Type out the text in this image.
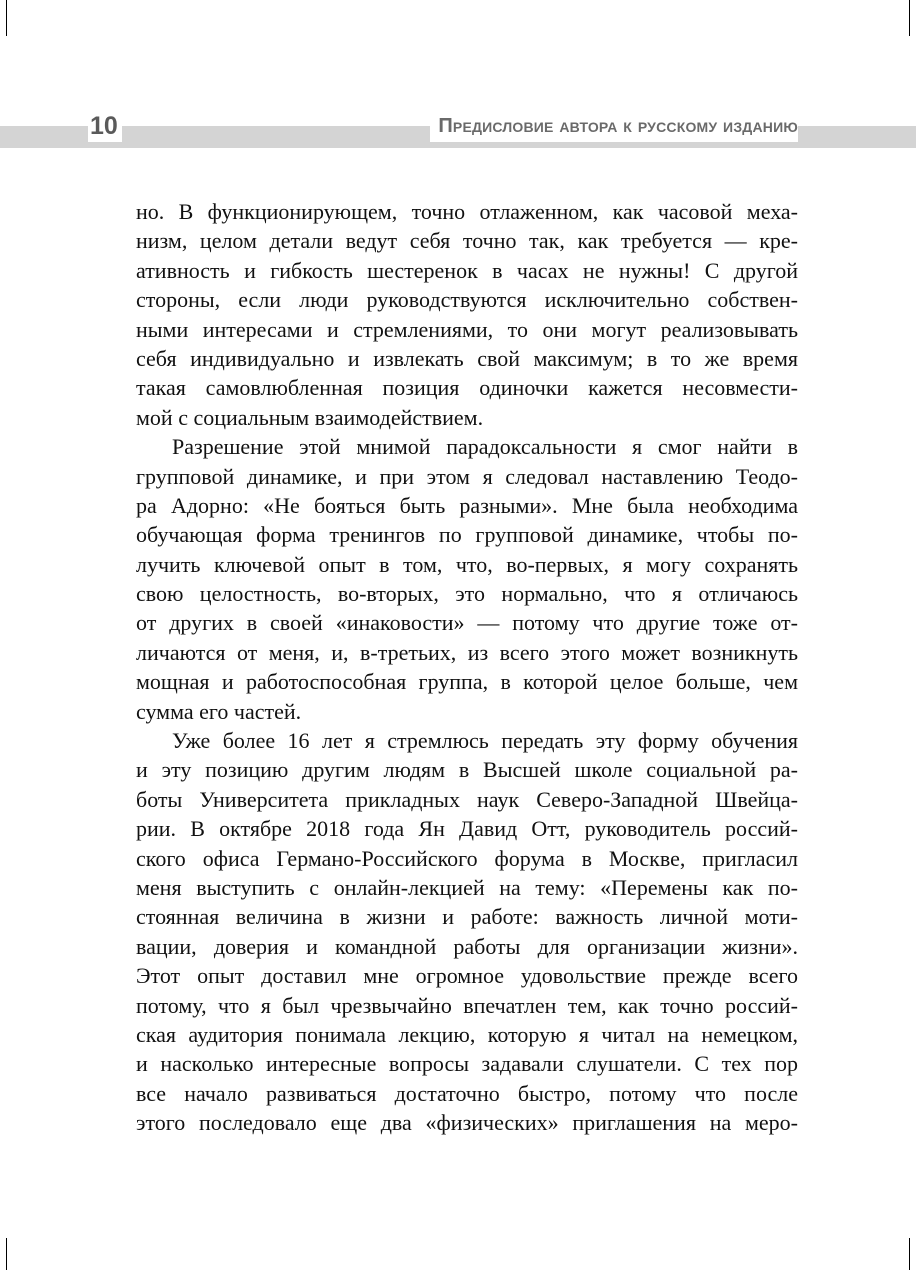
10	Предисловие автора к русскому изданию
но. В функционирующем, точно отлаженном, как часовой меха-
низм, целом детали ведут себя точно так, как требуется — кре-
ативность и гибкость шестеренок в часах не нужны! С другой
стороны, если люди руководствуются исключительно собствен-
ными интересами и стремлениями, то они могут реализовывать
себя индивидуально и извлекать свой максимум; в то же время
такая самовлюбленная позиция одиночки кажется несовмести-
мой с социальным взаимодействием.
Разрешение этой мнимой парадоксальности я смог найти в
групповой динамике, и при этом я следовал наставлению Теодо-
ра Адорно: «Не бояться быть разными». Мне была необходима
обучающая форма тренингов по групповой динамике, чтобы по-
лучить ключевой опыт в том, что, во-первых, я могу сохранять
свою целостность, во-вторых, это нормально, что я отличаюсь
от других в своей «инаковости» — потому что другие тоже от-
личаются от меня, и, в-третьих, из всего этого может возникнуть
мощная и работоспособная группа, в которой целое больше, чем
сумма его частей.
Уже более 16 лет я стремлюсь передать эту форму обучения
и эту позицию другим людям в Высшей школе социальной ра-
боты Университета прикладных наук Северо-Западной Швейца-
рии. В октябре 2018 года Ян Давид Отт, руководитель россий-
ского офиса Германо-Российского форума в Москве, пригласил
меня выступить с онлайн-лекцией на тему: «Перемены как по-
стоянная величина в жизни и работе: важность личной моти-
вации, доверия и командной работы для организации жизни».
Этот опыт доставил мне огромное удовольствие прежде всего
потому, что я был чрезвычайно впечатлен тем, как точно россий-
ская аудитория понимала лекцию, которую я читал на немецком,
и насколько интересные вопросы задавали слушатели. С тех пор
все начало развиваться достаточно быстро, потому что после
этого последовало еще два «физических» приглашения на меро-
